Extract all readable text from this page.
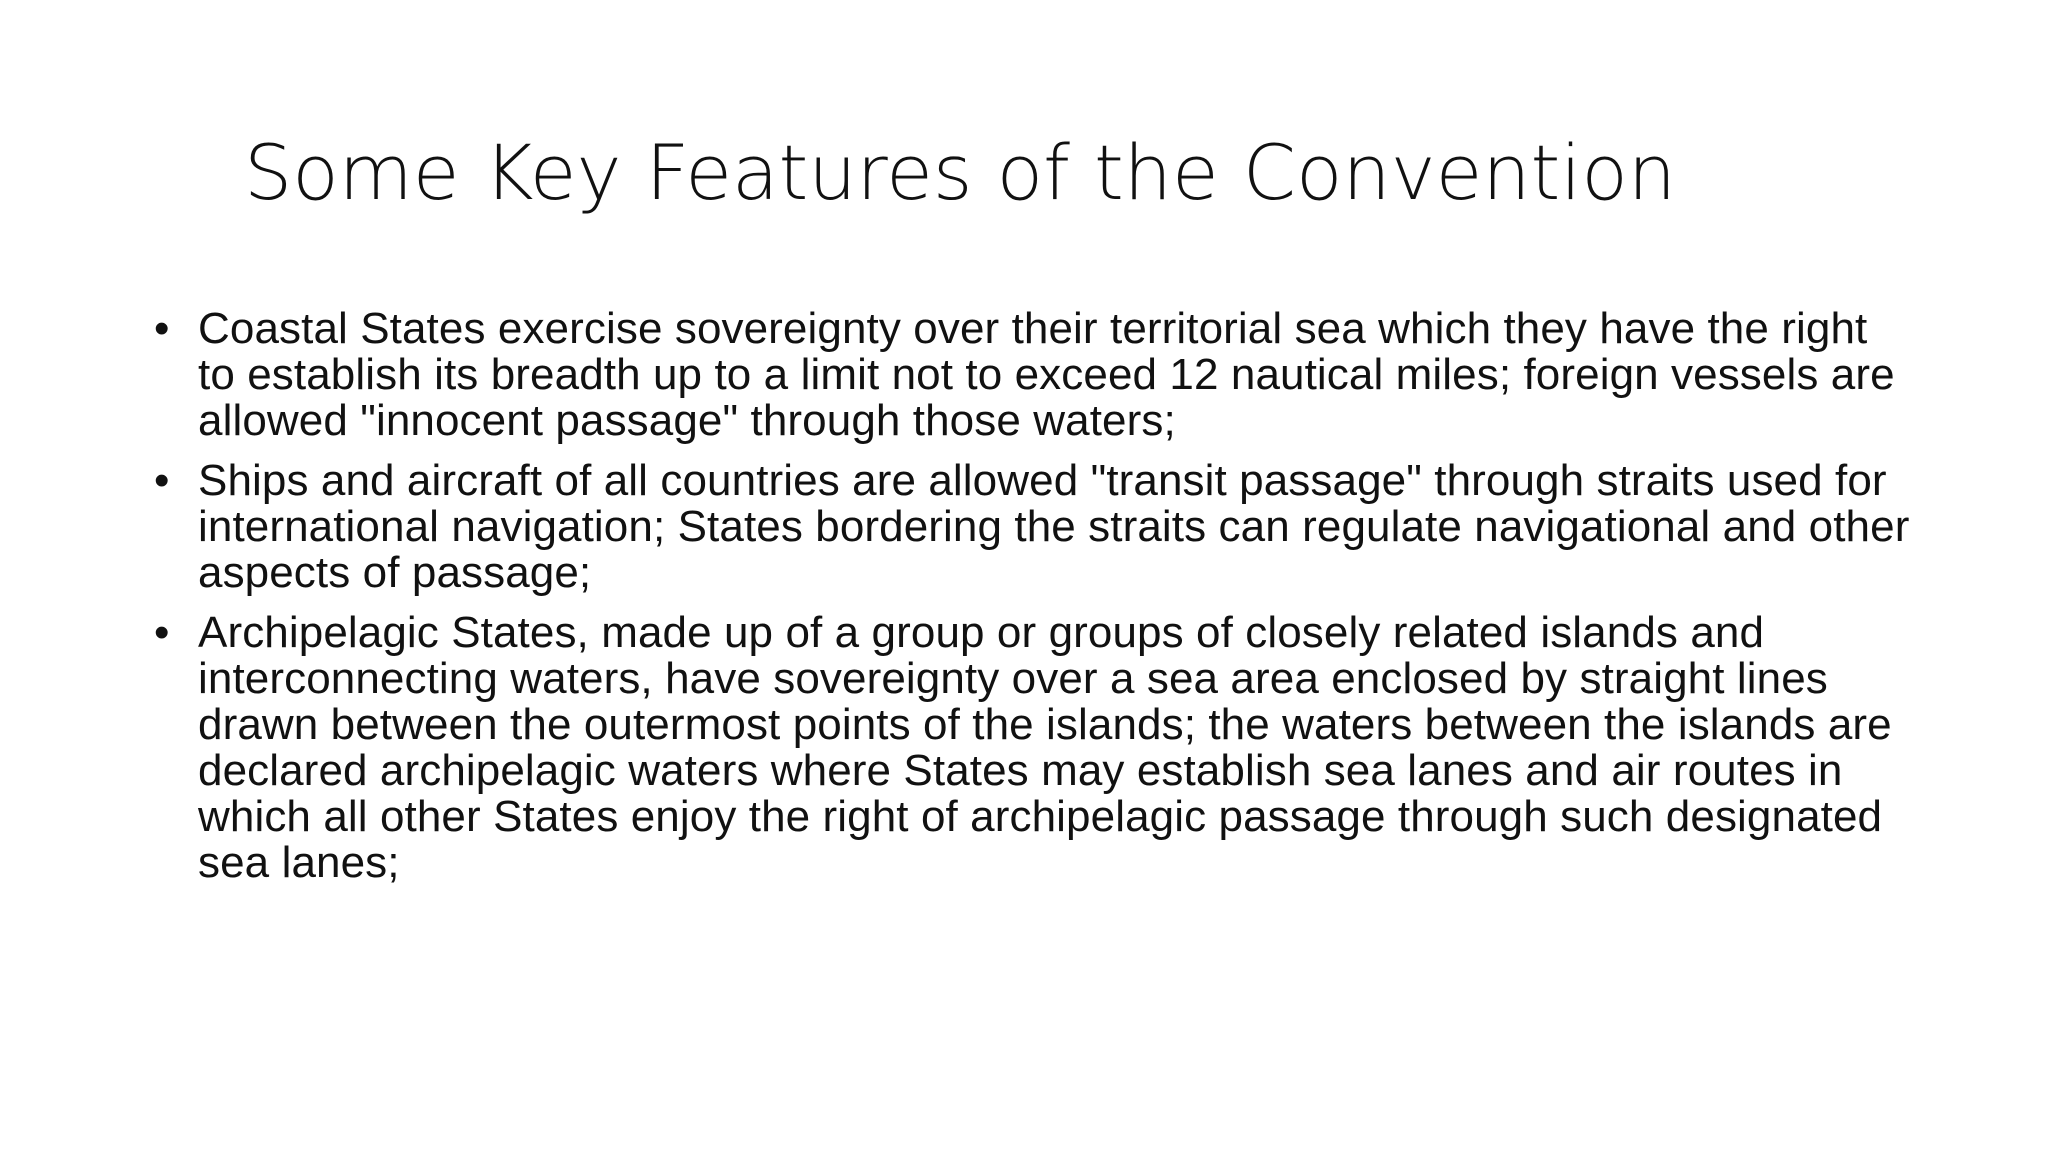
Some Key Features of the Convention
• Coastal States exercise sovereignty over their territorial sea which they have the right to establish its breadth up to a limit not to exceed 12 nautical miles; foreign vessels are allowed "innocent passage" through those waters;
• Ships and aircraft of all countries are allowed "transit passage" through straits used for international navigation; States bordering the straits can regulate navigational and other aspects of passage;
• Archipelagic States, made up of a group or groups of closely related islands and interconnecting waters, have sovereignty over a sea area enclosed by straight lines drawn between the outermost points of the islands; the waters between the islands are declared archipelagic waters where States may establish sea lanes and air routes in which all other States enjoy the right of archipelagic passage through such designated sea lanes;
